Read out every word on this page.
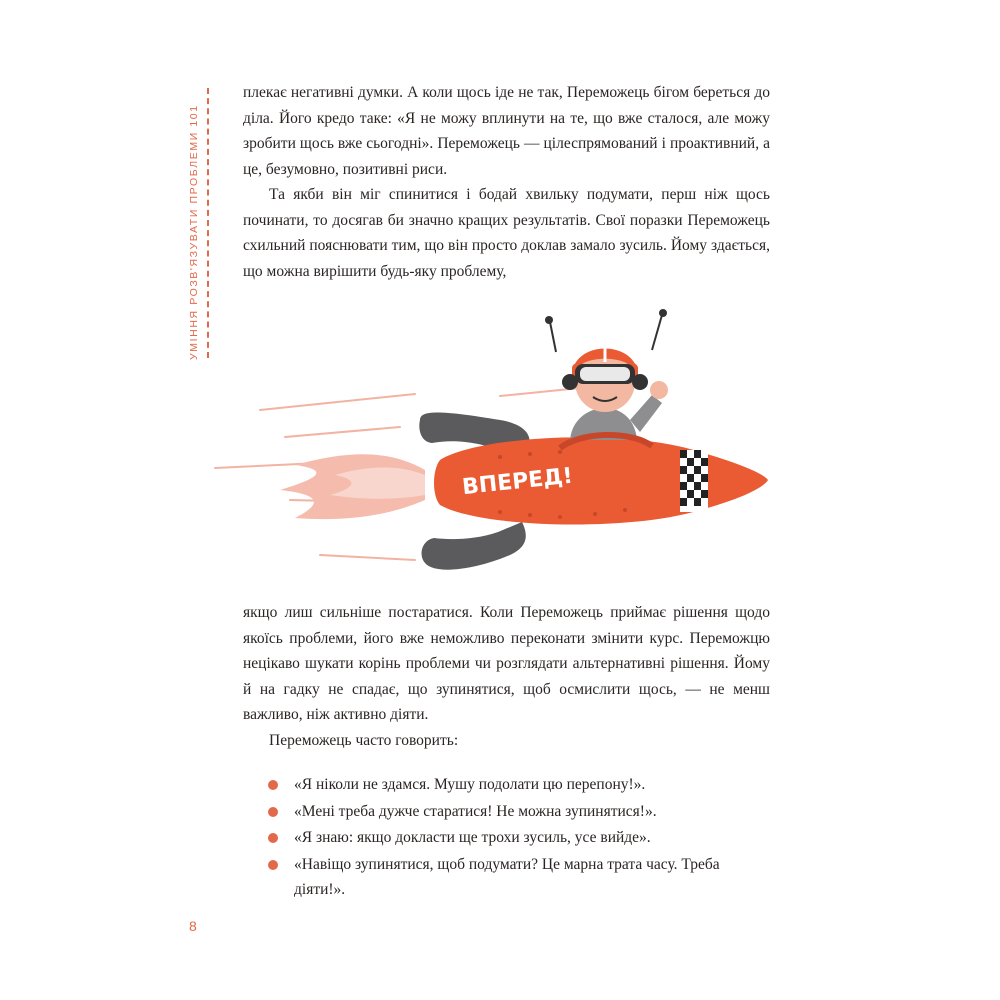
УМІННЯ РОЗВ'ЯЗУВАТИ ПРОБЛЕМИ 101

плекає негативні думки. А коли щось іде не так, Переможець бігом береться до діла. Його кредо таке: «Я не можу вплинути на те, що вже сталося, але можу зробити щось вже сьогодні». Переможець — цілеспрямований і проактивний, а це, безумовно, позитивні риси.

Та якби він міг спинитися і бодай хвильку подумати, перш ніж щось починати, то досягав би значно кращих результатів. Свої поразки Переможець схильний пояснювати тим, що він просто доклав замало зусиль. Йому здається, що можна вирішити будь-яку проблему,

ВПЕРЕД!

якщо лиш сильніше постаратися. Коли Переможець приймає рішення щодо якоїсь проблеми, його вже неможливо переконати змінити курс. Переможцю нецікаво шукати корінь проблеми чи розглядати альтернативні рішення. Йому й на гадку не спадає, що зупинятися, щоб осмислити щось, — не менш важливо, ніж активно діяти.

Переможець часто говорить:

«Я ніколи не здамся. Мушу подолати цю перепону!».
«Мені треба дужче старатися! Не можна зупинятися!».
«Я знаю: якщо докласти ще трохи зусиль, усе вийде».
«Навіщо зупинятися, щоб подумати? Це марна трата часу. Треба діяти!».
8
